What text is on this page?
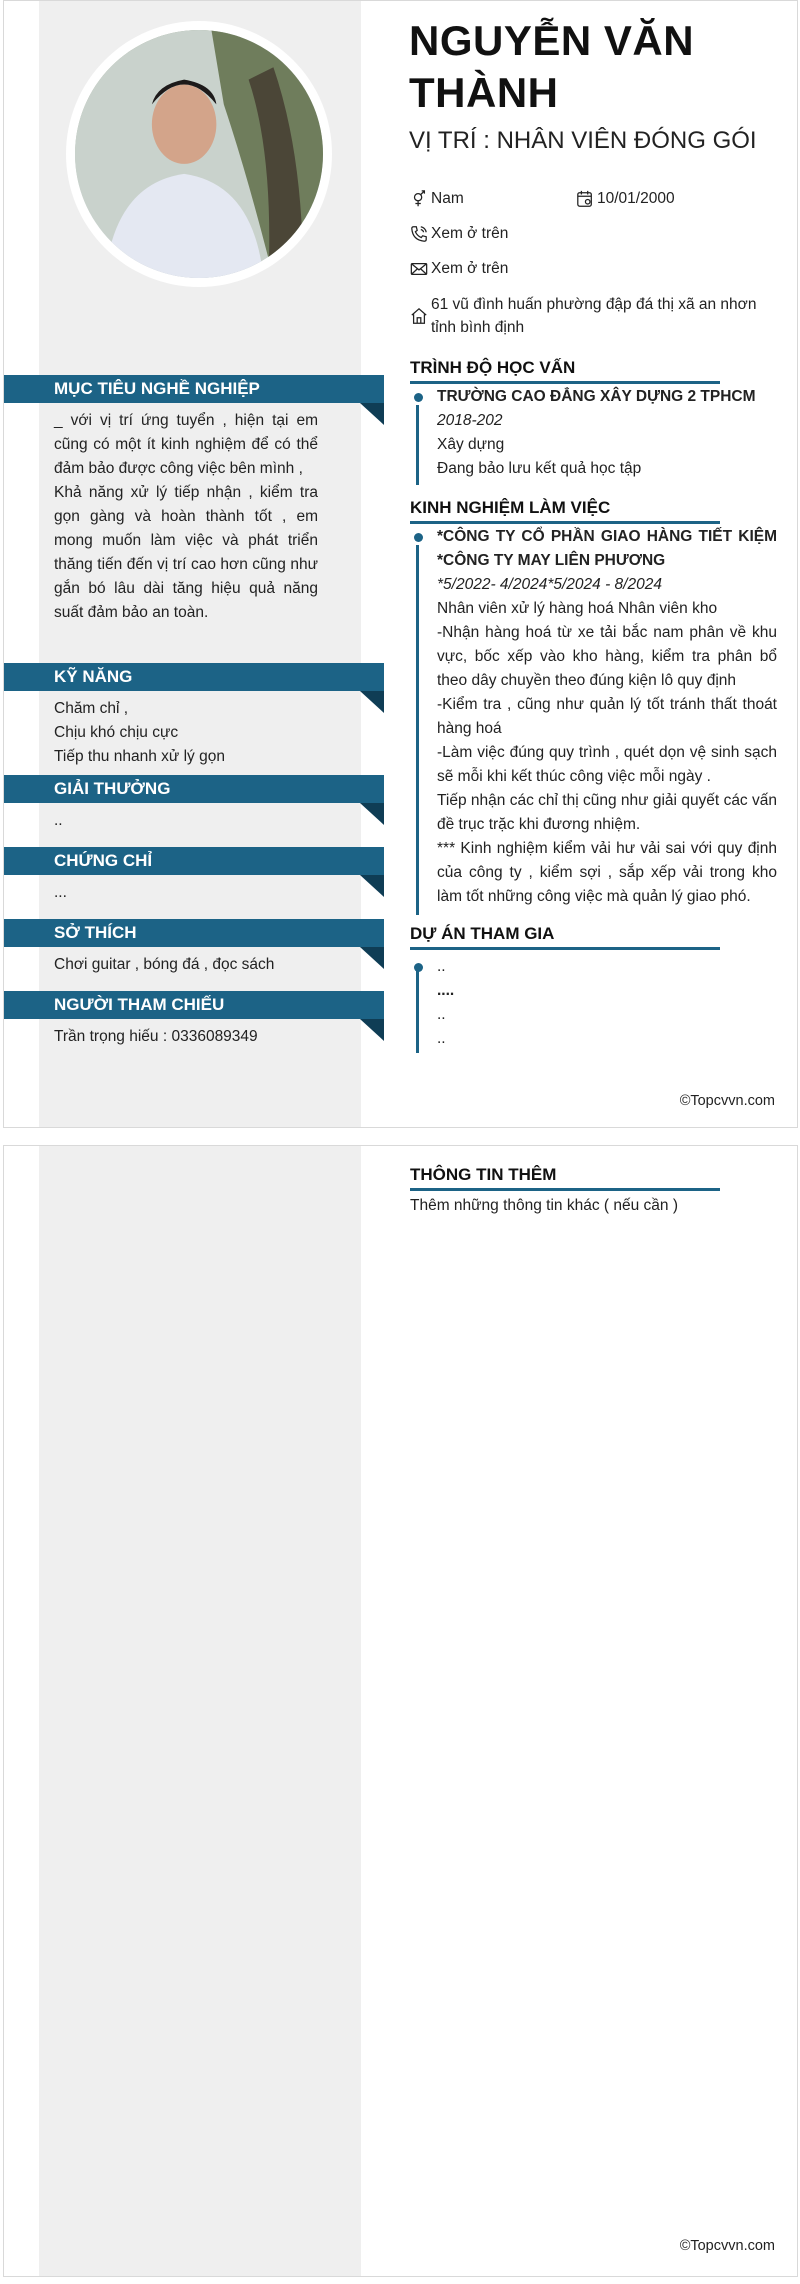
NGUYỄN VĂN THÀNH
VỊ TRÍ : NHÂN VIÊN ĐÓNG GÓI
Nam	10/01/2000
Xem ở trên
Xem ở trên
61 vũ đình huấn phường đập đá thị xã an nhơn tỉnh bình định
MỤC TIÊU NGHỀ NGHIỆP
_ với vị trí ứng tuyển , hiện tại em cũng có một ít kinh nghiệm để có thể đảm bảo được công việc bên mình ,
Khả năng xử lý tiếp nhận , kiểm tra gọn gàng và hoàn thành tốt , em mong muốn làm việc và phát triển thăng tiến đến vị trí cao hơn cũng như gắn bó lâu dài tăng hiệu quả năng suất đảm bảo an toàn.
KỸ NĂNG
Chăm chỉ ,
Chịu khó chịu cực
Tiếp thu nhanh xử lý gọn
GIẢI THƯỞNG
..
CHỨNG CHỈ
...
SỞ THÍCH
Chơi guitar , bóng đá , đọc sách
NGƯỜI THAM CHIẾU
Trần trọng hiếu : 0336089349
TRÌNH ĐỘ HỌC VẤN
TRƯỜNG CAO ĐẲNG XÂY DỰNG 2 TPHCM
2018-202
Xây dựng
Đang bảo lưu kết quả học tập
KINH NGHIỆM LÀM VIỆC
*CÔNG TY CỔ PHẦN GIAO HÀNG TIẾT KIỆM *CÔNG TY MAY LIÊN PHƯƠNG
*5/2022- 4/2024*5/2024 - 8/2024
Nhân viên xử lý hàng hoá Nhân viên kho
-Nhận hàng hoá từ xe tải bắc nam phân về khu vực, bốc xếp vào kho hàng, kiểm tra phân bổ theo dây chuyền theo đúng kiện lô quy định
-Kiểm tra , cũng như quản lý tốt tránh thất thoát hàng hoá
-Làm việc đúng quy trình , quét dọn vệ sinh sạch sẽ mỗi khi kết thúc công việc mỗi ngày .
Tiếp nhận các chỉ thị cũng như giải quyết các vấn đề trục trặc khi đương nhiệm.
*** Kinh nghiệm kiểm vải hư vải sai với quy định của công ty , kiểm sợi , sắp xếp vải trong kho làm tốt những công việc mà quản lý giao phó.
DỰ ÁN THAM GIA
..
....
..
..
©Topcvvn.com
THÔNG TIN THÊM
Thêm những thông tin khác ( nếu cần )
©Topcvvn.com
